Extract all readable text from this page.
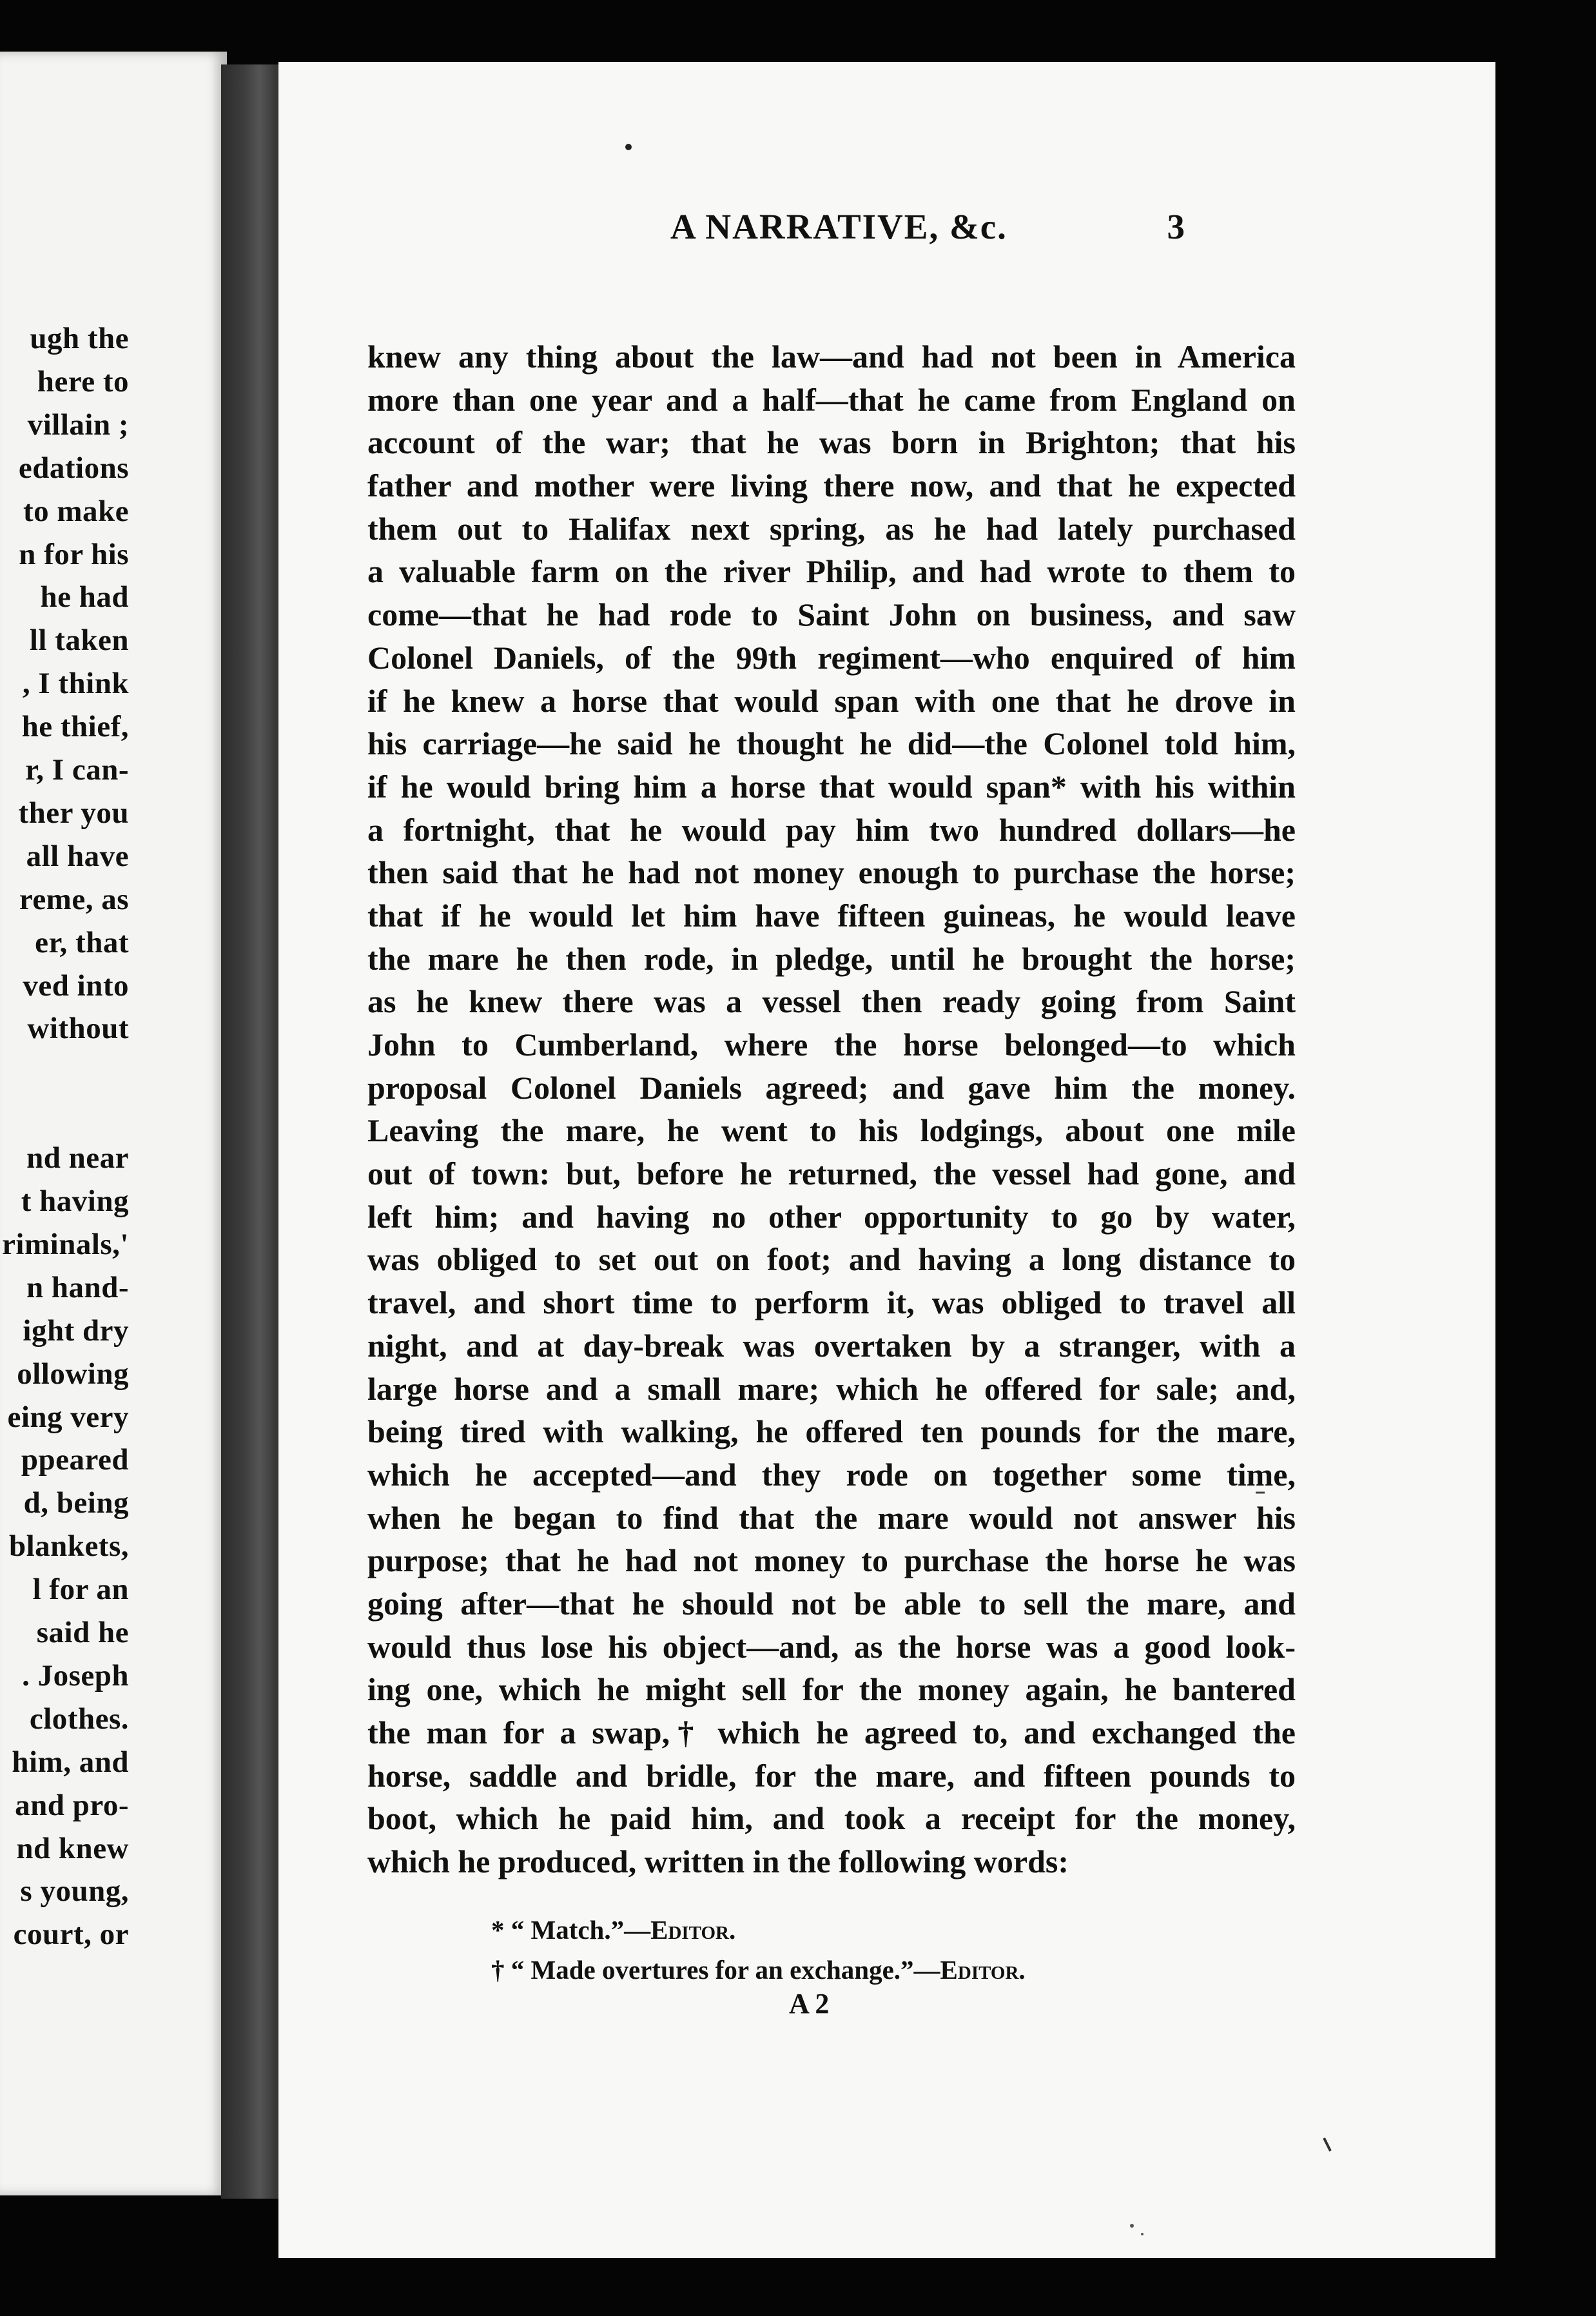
ugh the
here to
villain ;
edations
to make
n for his
he had
ll taken
, I think
he thief,
r, I can-
ther you
all have
reme, as
er, that
ved into
without
nd near
t having
riminals,'
n hand-
ight dry
ollowing
eing very
ppeared
d, being
blankets,
l for an
said he
. Joseph
clothes.
him, and
and pro-
nd knew
s young,
court, or
A NARRATIVE, &c.	3
knew any thing about the law—and had not been in America
more than one year and a half—that he came from England on
account of the war; that he was born in Brighton; that his
father and mother were living there now, and that he expected
them out to Halifax next spring, as he had lately purchased
a valuable farm on the river Philip, and had wrote to them to
come—that he had rode to Saint John on business, and saw
Colonel Daniels, of the 99th regiment—who enquired of him
if he knew a horse that would span with one that he drove in
his carriage—he said he thought he did—the Colonel told him,
if he would bring him a horse that would span* with his within
a fortnight, that he would pay him two hundred dollars—he
then said that he had not money enough to purchase the horse;
that if he would let him have fifteen guineas, he would leave
the mare he then rode, in pledge, until he brought the horse;
as he knew there was a vessel then ready going from Saint
John to Cumberland, where the horse belonged—to which
proposal Colonel Daniels agreed; and gave him the money.
Leaving the mare, he went to his lodgings, about one mile
out of town: but, before he returned, the vessel had gone, and
left him; and having no other opportunity to go by water,
was obliged to set out on foot; and having a long distance to
travel, and short time to perform it, was obliged to travel all
night, and at day-break was overtaken by a stranger, with a
large horse and a small mare; which he offered for sale; and,
being tired with walking, he offered ten pounds for the mare,
which he accepted—and they rode on together some time,
when he began to find that the mare would not answer his
purpose; that he had not money to purchase the horse he was
going after—that he should not be able to sell the mare, and
would thus lose his object—and, as the horse was a good look-
ing one, which he might sell for the money again, he bantered
the man for a swap,† which he agreed to, and exchanged the
horse, saddle and bridle, for the mare, and fifteen pounds to
boot, which he paid him, and took a receipt for the money,
which he produced, written in the following words:
* “ Match.”—Editor.
† “ Made overtures for an exchange.”—Editor.
A 2
